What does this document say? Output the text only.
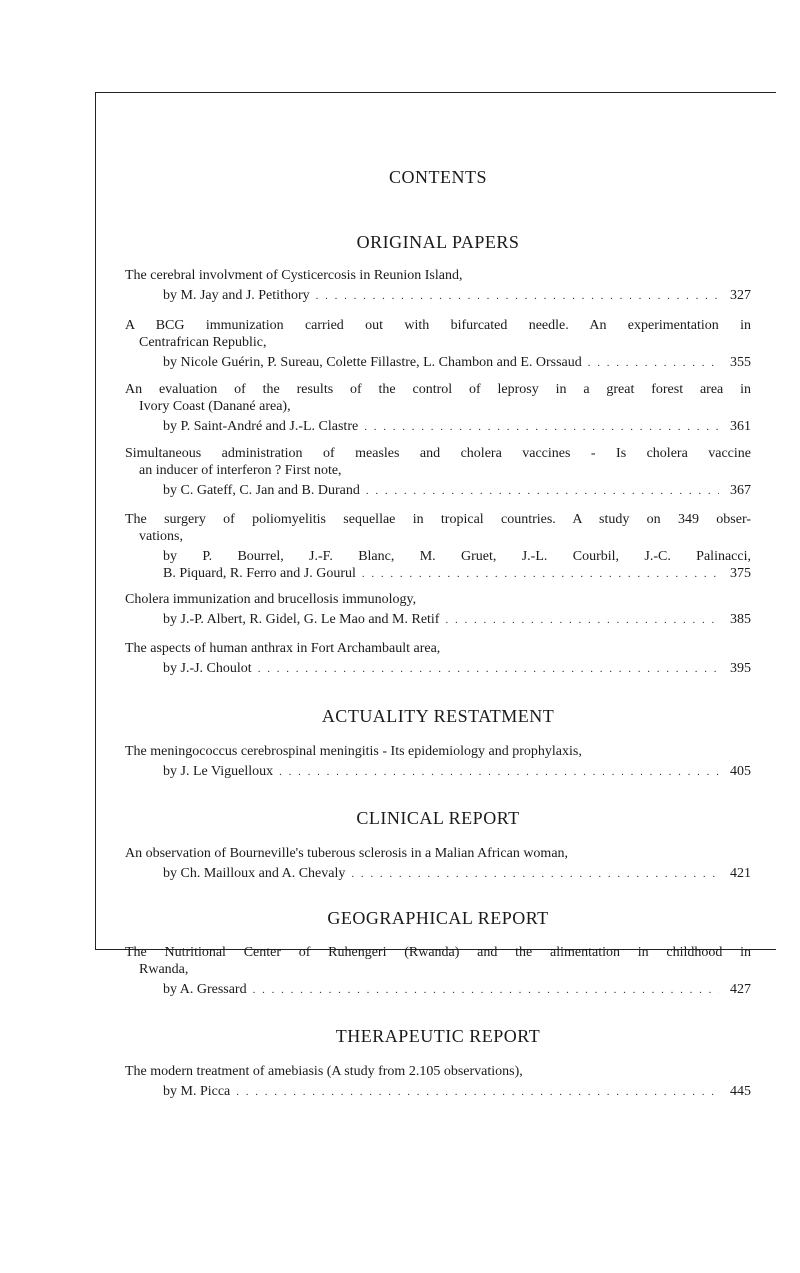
CONTENTS
ORIGINAL PAPERS
The cerebral involvment of Cysticercosis in Reunion Island,
by M. Jay and J. Petithory . . .	327
A BCG immunization carried out with bifurcated needle. An experimentation in
Centrafrican Republic,
by Nicole Guérin, P. Sureau, Colette Fillastre, L. Chambon and E. Orssaud . . .	355
An evaluation of the results of the control of leprosy in a great forest area in
Ivory Coast (Danané area),
by P. Saint-André and J.-L. Clastre . . .	361
Simultaneous administration of measles and cholera vaccines - Is cholera vaccine
an inducer of interferon ? First note,
by C. Gateff, C. Jan and B. Durand . . .	367
The surgery of poliomyelitis sequellae in tropical countries. A study on 349 obser-
vations,
by P. Bourrel, J.-F. Blanc, M. Gruet, J.-L. Courbil, J.-C. Palinacci,
B. Piquard, R. Ferro and J. Gourul . . .	375
Cholera immunization and brucellosis immunology,
by J.-P. Albert, R. Gidel, G. Le Mao and M. Retif . . .	385
The aspects of human anthrax in Fort Archambault area,
by J.-J. Choulot . . .	395
ACTUALITY RESTATMENT
The meningococcus cerebrospinal meningitis - Its epidemiology and prophylaxis,
by J. Le Viguelloux . . .	405
CLINICAL REPORT
An observation of Bourneville's tuberous sclerosis in a Malian African woman,
by Ch. Mailloux and A. Chevaly . . .	421
GEOGRAPHICAL REPORT
The Nutritional Center of Ruhengeri (Rwanda) and the alimentation in childhood in
Rwanda,
by A. Gressard . . .	427
THERAPEUTIC REPORT
The modern treatment of amebiasis (A study from 2.105 observations),
by M. Picca . . .	445
